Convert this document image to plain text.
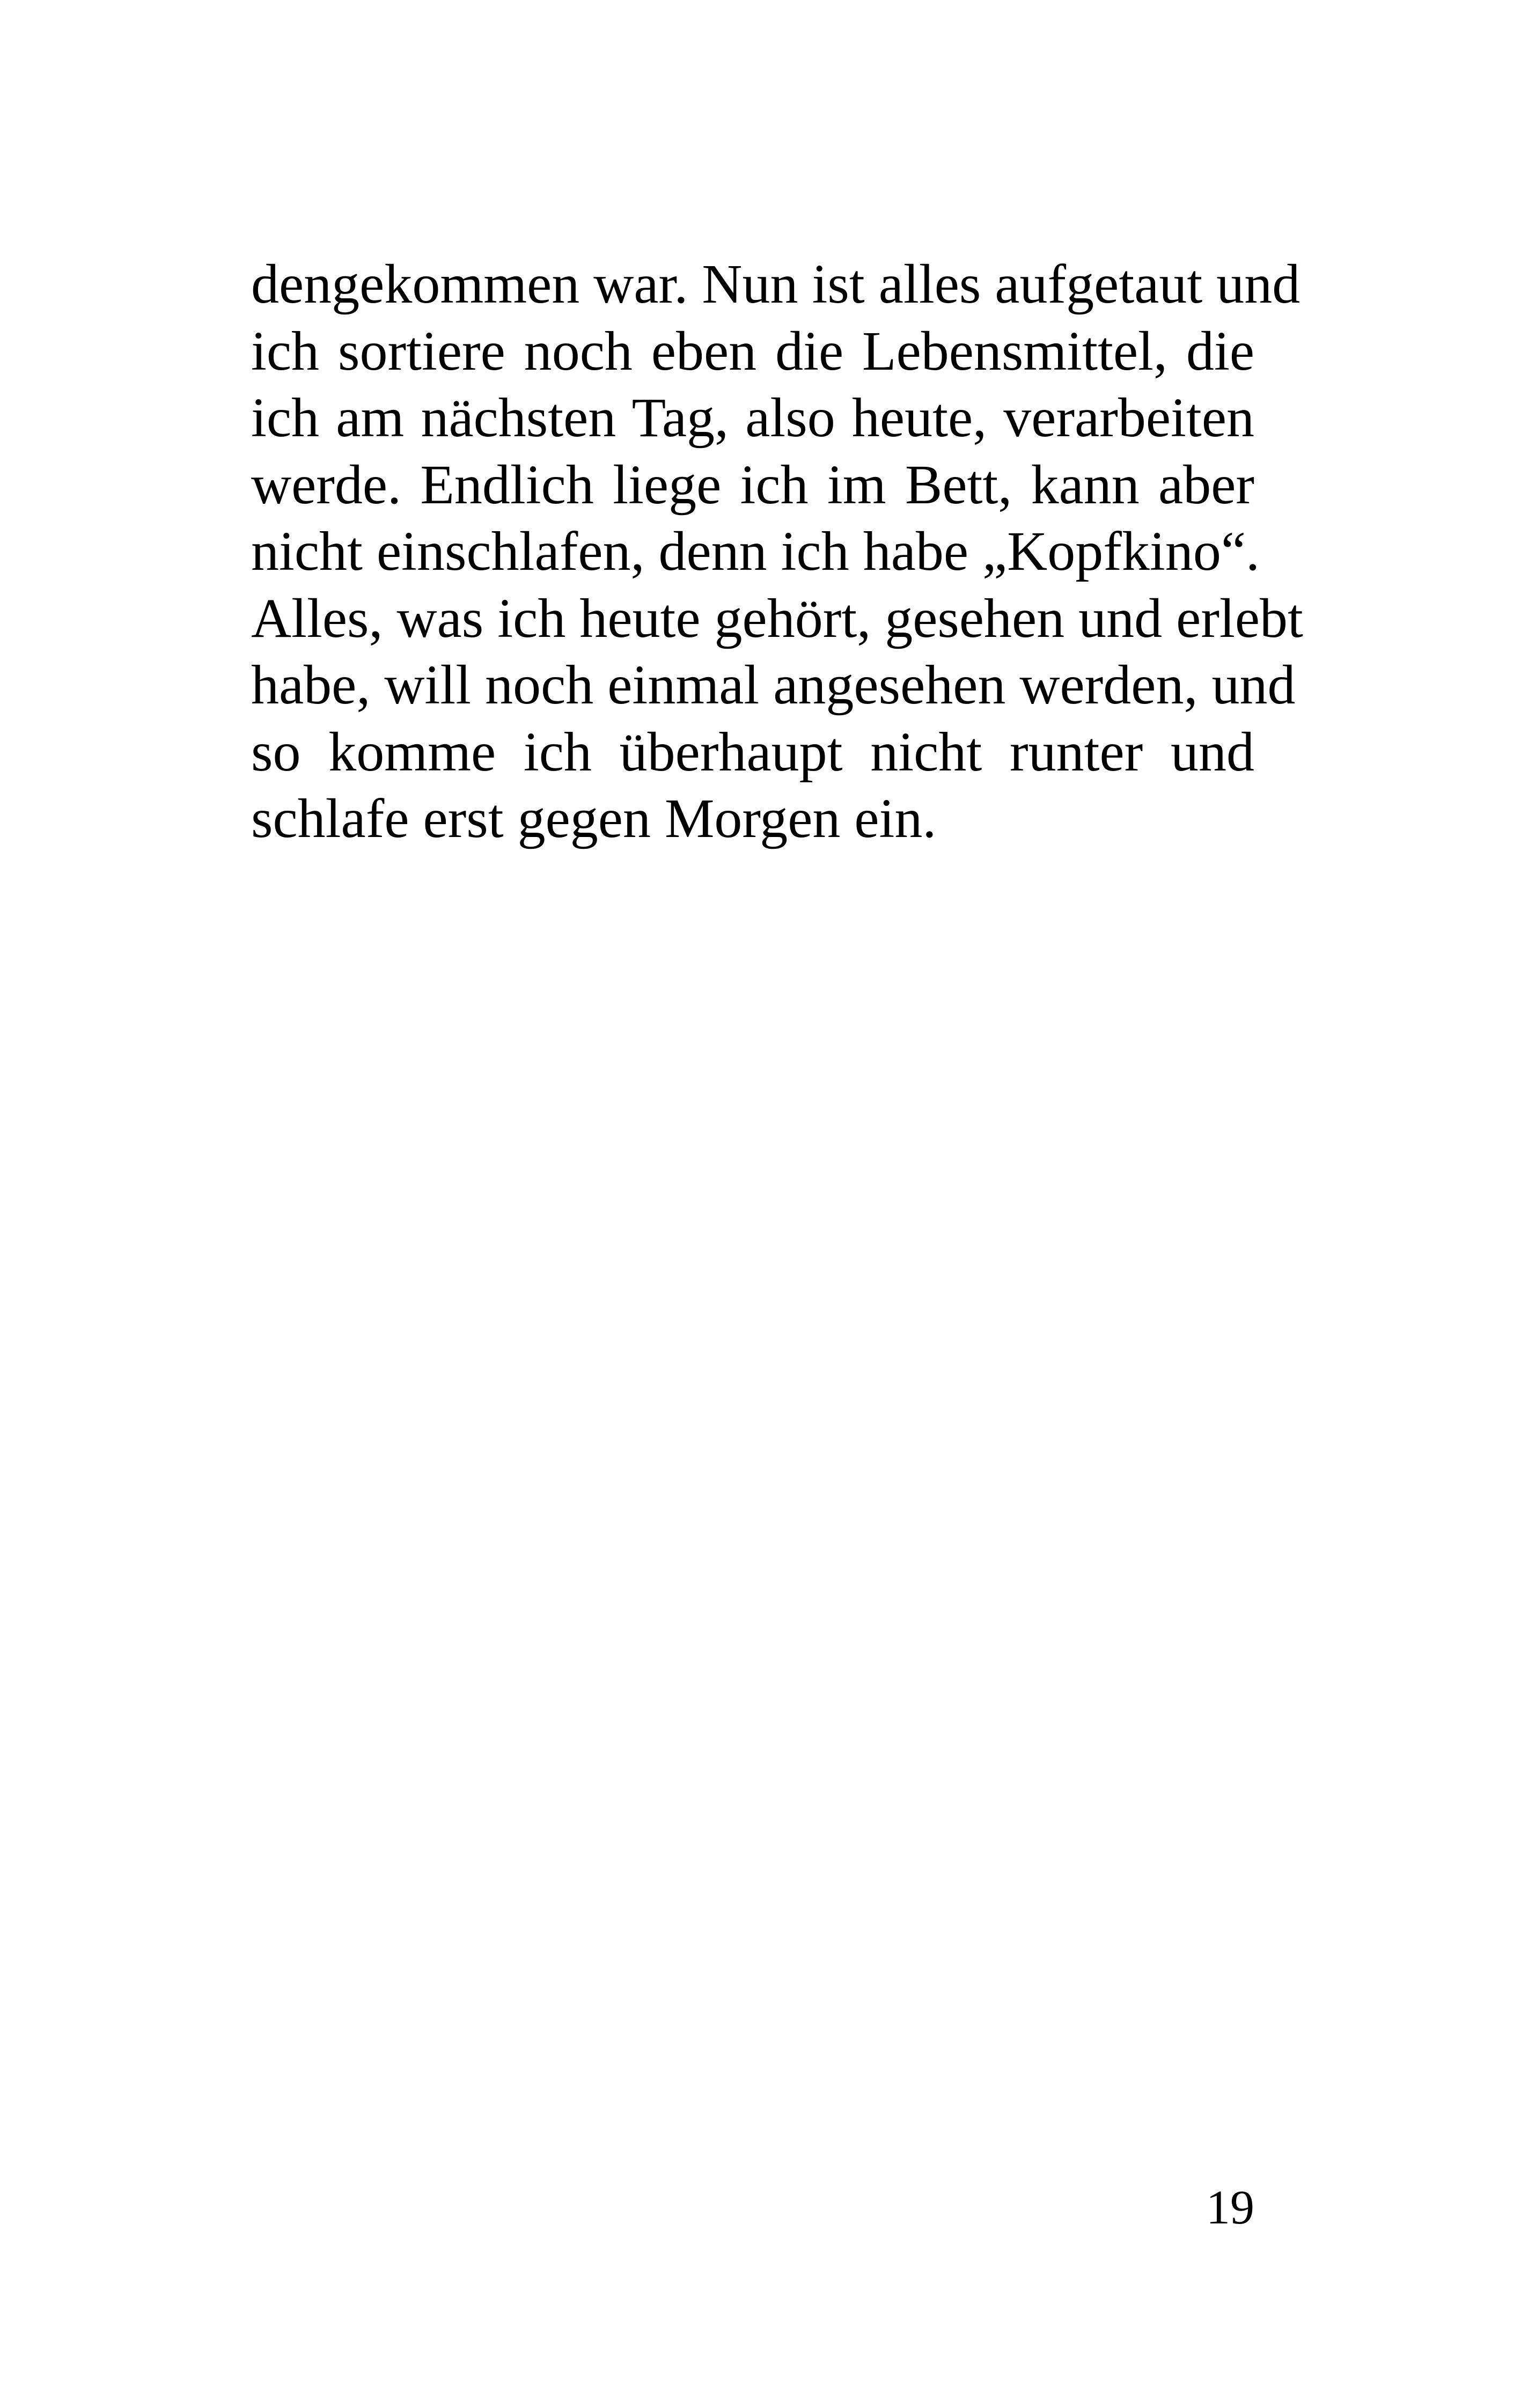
dengekommen war. Nun ist alles aufgetaut und
ich sortiere noch eben die Lebensmittel, die
ich am nächsten Tag, also heute, verarbeiten
werde. Endlich liege ich im Bett, kann aber
nicht einschlafen, denn ich habe „Kopfkino“.
Alles, was ich heute gehört, gesehen und erlebt
habe, will noch einmal angesehen werden, und
so komme ich überhaupt nicht runter und
schlafe erst gegen Morgen ein.
19
